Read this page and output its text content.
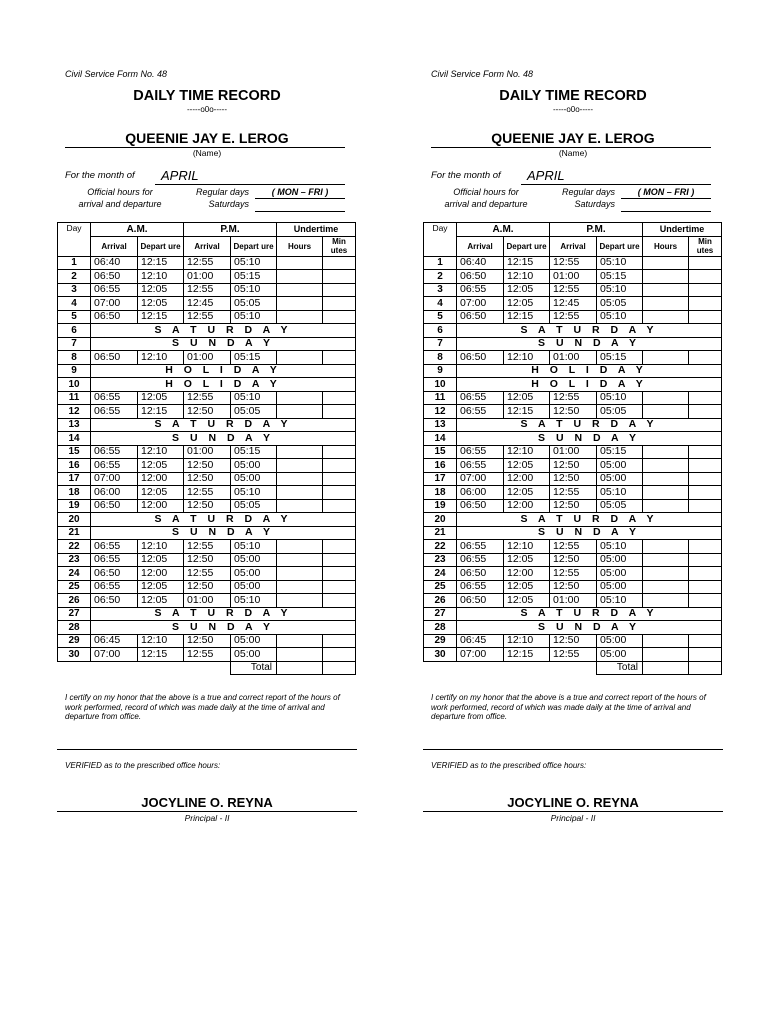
Civil Service Form No. 48
DAILY TIME RECORD
-----o0o-----
QUEENIE JAY E. LEROG
(Name)
For the month of APRIL
Official hours for
arrival and departure
Regular days
Saturdays
( MON – FRI )
Day	A.M.		P.M.		Undertime	
	Arrival	Depart ure	Arrival	Depart ure	Hours	Min utes
1	06:40	12:15	12:55	05:10		
2	06:50	12:10	01:00	05:15		
3	06:55	12:05	12:55	05:10		
4	07:00	12:05	12:45	05:05		
5	06:50	12:15	12:55	05:10		
6	S A T U R D A Y					
7	S U N D A Y					
8	06:50	12:10	01:00	05:15		
9	H O L I D A Y					
10	H O L I D A Y					
11	06:55	12:05	12:55	05:10		
12	06:55	12:15	12:50	05:05		
13	S A T U R D A Y					
14	S U N D A Y					
15	06:55	12:10	01:00	05:15		
16	06:55	12:05	12:50	05:00		
17	07:00	12:00	12:50	05:00		
18	06:00	12:05	12:55	05:10		
19	06:50	12:00	12:50	05:05		
20	S A T U R D A Y					
21	S U N D A Y					
22	06:55	12:10	12:55	05:10		
23	06:55	12:05	12:50	05:00		
24	06:50	12:00	12:55	05:00		
25	06:55	12:05	12:50	05:00		
26	06:50	12:05	01:00	05:10		
27	S A T U R D A Y					
28	S U N D A Y					
29	06:45	12:10	12:50	05:00		
30	07:00	12:15	12:55	05:00		
				Total		
I certify on my honor that the above is a true and correct report of the hours of work performed, record of which was made daily at the time of arrival and departure from office.
VERIFIED as to the prescribed office hours:
JOCYLINE O. REYNA
Principal - II
Civil Service Form No. 48
DAILY TIME RECORD
-----o0o-----
QUEENIE JAY E. LEROG
(Name)
For the month of APRIL
Official hours for
arrival and departure
Regular days
Saturdays
( MON – FRI )
Day	A.M.		P.M.		Undertime	
	Arrival	Depart ure	Arrival	Depart ure	Hours	Min utes
1	06:40	12:15	12:55	05:10		
2	06:50	12:10	01:00	05:15		
3	06:55	12:05	12:55	05:10		
4	07:00	12:05	12:45	05:05		
5	06:50	12:15	12:55	05:10		
6	S A T U R D A Y					
7	S U N D A Y					
8	06:50	12:10	01:00	05:15		
9	H O L I D A Y					
10	H O L I D A Y					
11	06:55	12:05	12:55	05:10		
12	06:55	12:15	12:50	05:05		
13	S A T U R D A Y					
14	S U N D A Y					
15	06:55	12:10	01:00	05:15		
16	06:55	12:05	12:50	05:00		
17	07:00	12:00	12:50	05:00		
18	06:00	12:05	12:55	05:10		
19	06:50	12:00	12:50	05:05		
20	S A T U R D A Y					
21	S U N D A Y					
22	06:55	12:10	12:55	05:10		
23	06:55	12:05	12:50	05:00		
24	06:50	12:00	12:55	05:00		
25	06:55	12:05	12:50	05:00		
26	06:50	12:05	01:00	05:10		
27	S A T U R D A Y					
28	S U N D A Y					
29	06:45	12:10	12:50	05:00		
30	07:00	12:15	12:55	05:00		
				Total		
I certify on my honor that the above is a true and correct report of the hours of work performed, record of which was made daily at the time of arrival and departure from office.
VERIFIED as to the prescribed office hours:
JOCYLINE O. REYNA
Principal - II
